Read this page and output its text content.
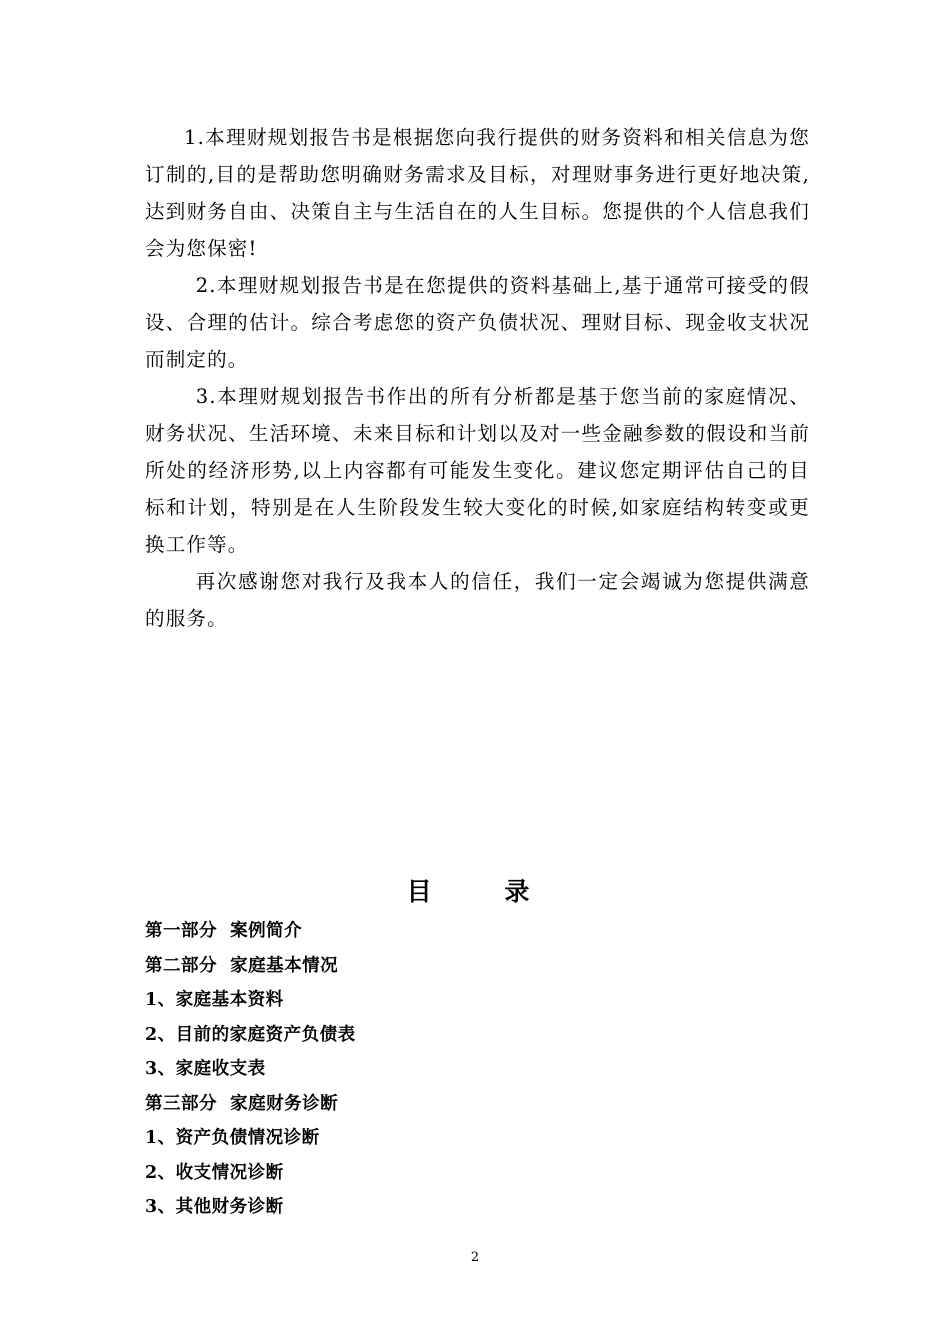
1.本理财规划报告书是根据您向我行提供的财务资料和相关信息为您订制的,目的是帮助您明确财务需求及目标，对理财事务进行更好地决策,达到财务自由、决策自主与生活自在的人生目标。您提供的个人信息我们会为您保密!

2.本理财规划报告书是在您提供的资料基础上,基于通常可接受的假设、合理的估计。综合考虑您的资产负债状况、理财目标、现金收支状况而制定的。

3.本理财规划报告书作出的所有分析都是基于您当前的家庭情况、财务状况、生活环境、未来目标和计划以及对一些金融参数的假设和当前所处的经济形势,以上内容都有可能发生变化。建议您定期评估自己的目标和计划，特别是在人生阶段发生较大变化的时候,如家庭结构转变或更换工作等。

再次感谢您对我行及我本人的信任，我们一定会竭诚为您提供满意的服务。

目 录
第一部分  案例简介
第二部分  家庭基本情况
1、家庭基本资料
2、目前的家庭资产负债表
3、家庭收支表
第三部分  家庭财务诊断
1、资产负债情况诊断
2、收支情况诊断
3、其他财务诊断
2
